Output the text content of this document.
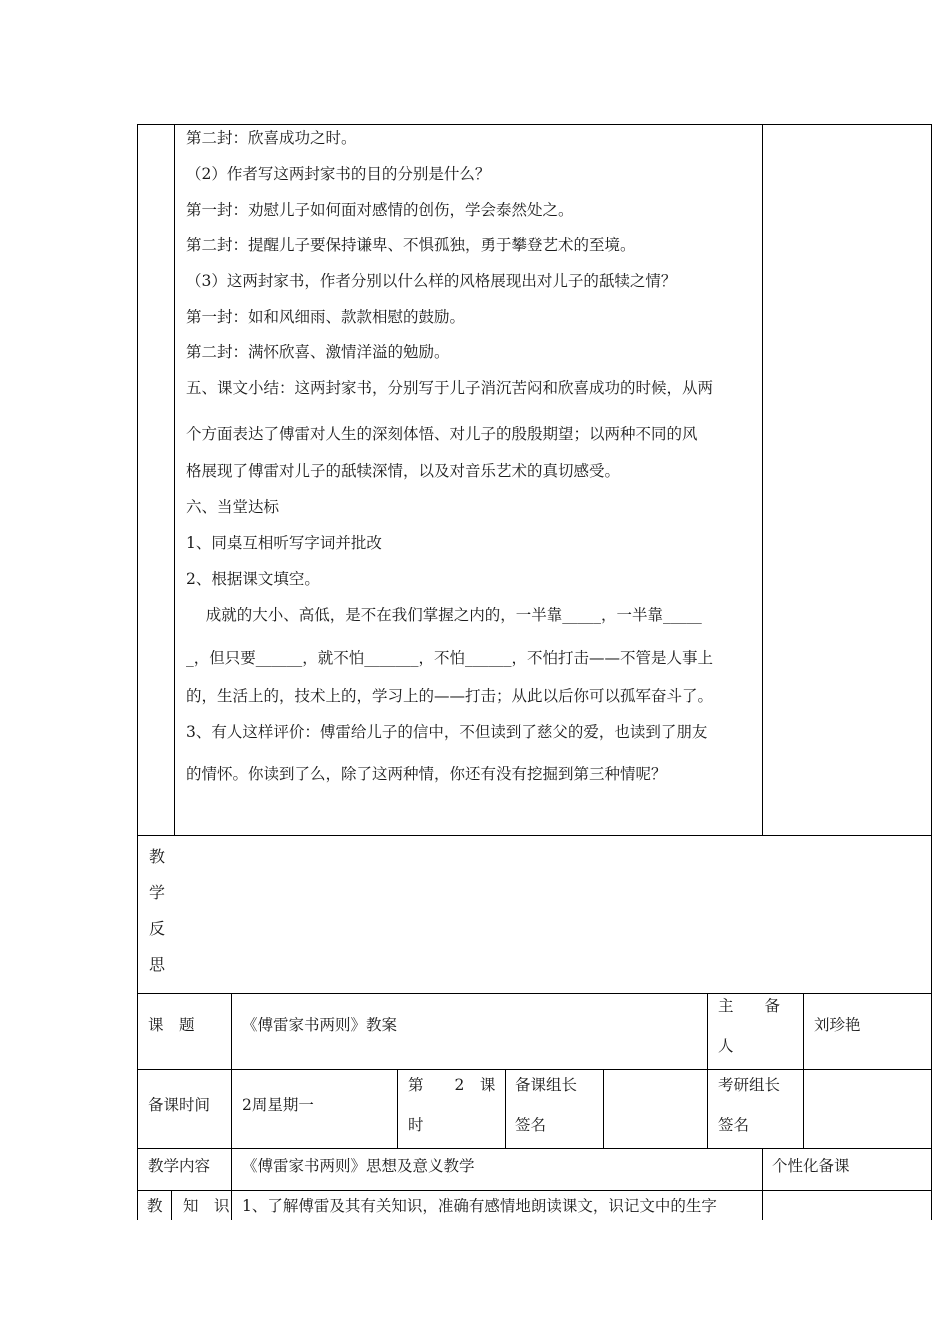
第二封：欣喜成功之时。
（2）作者写这两封家书的目的分别是什么？
第一封：劝慰儿子如何面对感情的创伤，学会泰然处之。
第二封：提醒儿子要保持谦卑、不惧孤独，勇于攀登艺术的至境。
（3）这两封家书，作者分别以什么样的风格展现出对儿子的舐犊之情？
第一封：如和风细雨、款款相慰的鼓励。
第二封：满怀欣喜、激情洋溢的勉励。
五、课文小结：这两封家书，分别写于儿子消沉苦闷和欣喜成功的时候，从两
个方面表达了傅雷对人生的深刻体悟、对儿子的殷殷期望；以两种不同的风
格展现了傅雷对儿子的舐犊深情，以及对音乐艺术的真切感受。
六、当堂达标
1、同桌互相听写字词并批改
2、根据课文填空。
成就的大小、高低，是不在我们掌握之内的，一半靠_____，一半靠_____
_，但只要______，就不怕_______，不怕______，不怕打击——不管是人事上
的，生活上的，技术上的，学习上的——打击；从此以后你可以孤军奋斗了。
3、有人这样评价：傅雷给儿子的信中，不但读到了慈父的爱，也读到了朋友
的情怀。你读到了么，除了这两种情，你还有没有挖掘到第三种情呢？
教
学
反
思
课　题	《傅雷家书两则》教案
主　　备
人
刘珍艳
备课时间 2周星期一
第　　2　课
时
备课组长
签名
考研组长
签名
教学内容 《傅雷家书两则》思想及意义教学	个性化备课
教 知　识 1、了解傅雷及其有关知识，准确有感情地朗读课文，识记文中的生字
